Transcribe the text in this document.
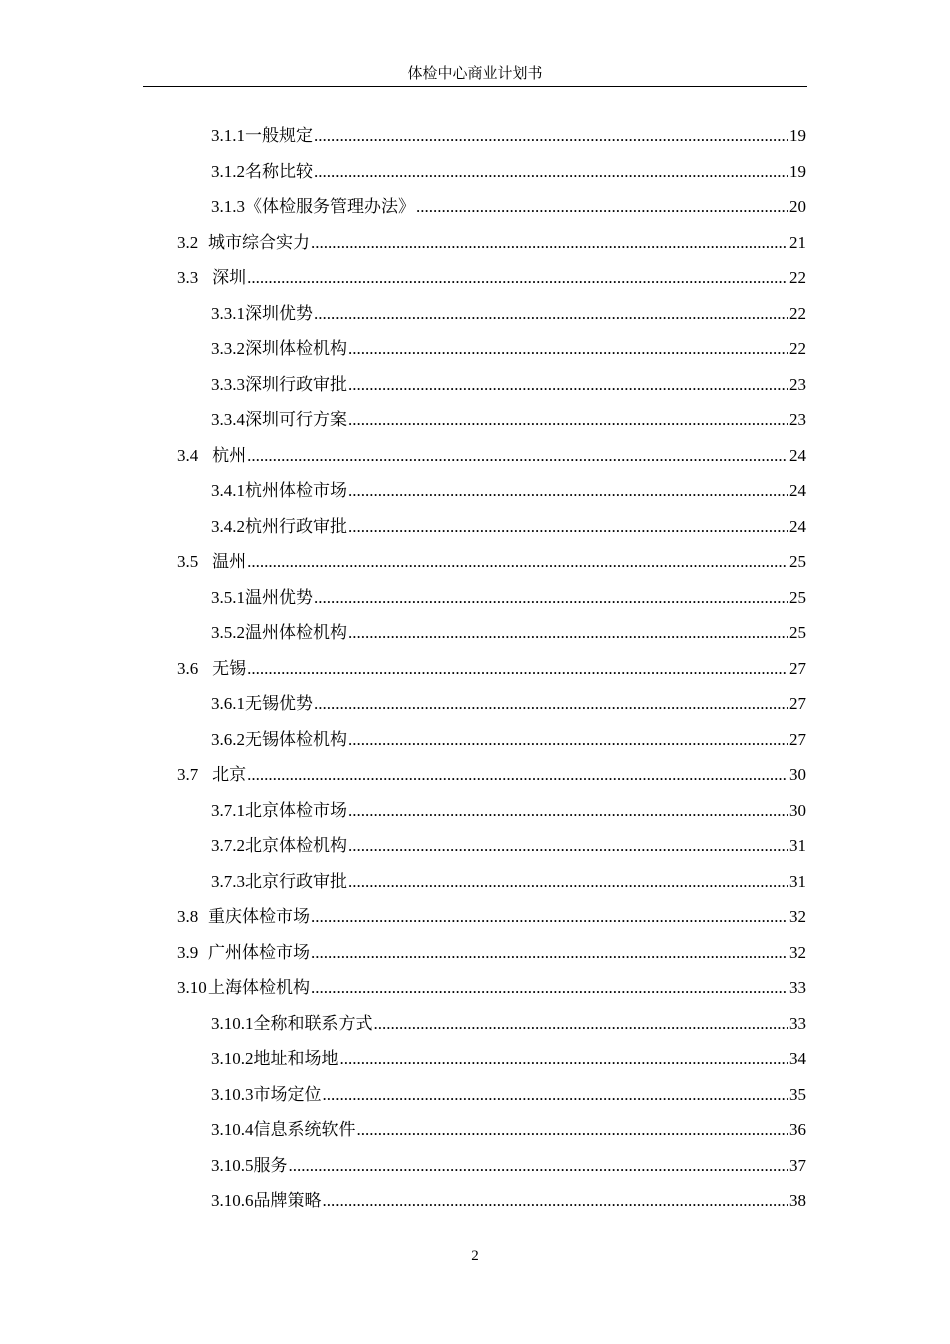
体检中心商业计划书
3.1.1 一般规定 .....	19
3.1.2 名称比较 .....	19
3.1.3 《体检服务管理办法》 .....	20
3.2 城市综合实力 .....	21
3.3 深圳 .....	22
3.3.1 深圳优势 .....	22
3.3.2 深圳体检机构 .....	22
3.3.3 深圳行政审批 .....	23
3.3.4 深圳可行方案 .....	23
3.4 杭州 .....	24
3.4.1 杭州体检市场 .....	24
3.4.2 杭州行政审批 .....	24
3.5 温州 .....	25
3.5.1 温州优势 .....	25
3.5.2 温州体检机构 .....	25
3.6 无锡 .....	27
3.6.1 无锡优势 .....	27
3.6.2 无锡体检机构 .....	27
3.7 北京 .....	30
3.7.1 北京体检市场 .....	30
3.7.2 北京体检机构 .....	31
3.7.3 北京行政审批 .....	31
3.8 重庆体检市场 .....	32
3.9 广州体检市场 .....	32
3.10 上海体检机构 .....	33
3.10.1 全称和联系方式 .....	33
3.10.2 地址和场地 .....	34
3.10.3 市场定位 .....	35
3.10.4 信息系统软件 .....	36
3.10.5 服务 .....	37
3.10.6 品牌策略 .....	38
2
